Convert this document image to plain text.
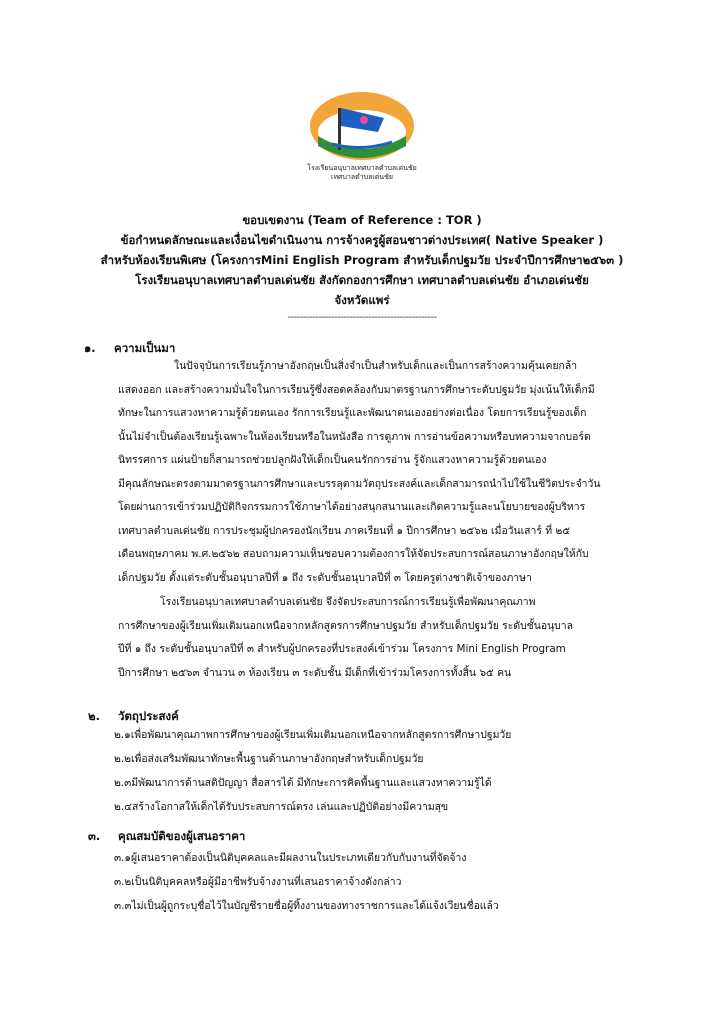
โรงเรียนอนุบาลเทศบาลตำบลเด่นชัย
เทศบาลตำบลเด่นชัย
ขอบเขตงาน (Team of Reference : TOR )
ข้อกำหนดลักษณะและเงื่อนไขดำเนินงาน การจ้างครูผู้สอนชาวต่างประเทศ( Native Speaker )
สำหรับห้องเรียนพิเศษ (โครงการMini English Program สำหรับเด็กปฐมวัย ประจำปีการศึกษา๒๕๖๓ )
โรงเรียนอนุบาลเทศบาลตำบลเด่นชัย สังกัดกองการศึกษา เทศบาลตำบลเด่นชัย อำเภอเด่นชัย
จังหวัดแพร่
------------------------------------------------
๑. ความเป็นมา
ในปัจจุบันการเรียนรู้ภาษาอังกฤษเป็นสิ่งจำเป็นสำหรับเด็กและเป็นการสร้างความคุ้นเคยกล้า
แสดงออก และสร้างความมั่นใจในการเรียนรู้ซึ่งสอดคล้องกับมาตรฐานการศึกษาระดับปฐมวัย มุ่งเน้นให้เด็กมี
ทักษะในการแสวงหาความรู้ด้วยตนเอง รักการเรียนรู้และพัฒนาตนเองอย่างต่อเนื่อง โดยการเรียนรู้ของเด็ก
นั้นไม่จำเป็นต้องเรียนรู้เฉพาะในห้องเรียนหรือในหนังสือ การดูภาพ การอ่านข้อความหรือบทความจากบอร์ด
นิทรรศการ แผ่นป้ายก็สามารถช่วยปลูกฝังให้เด็กเป็นคนรักการอ่าน รู้จักแสวงหาความรู้ด้วยตนเอง
มีคุณลักษณะตรงตามมาตรฐานการศึกษาและบรรลุตามวัตถุประสงค์และเด็กสามารถนำไปใช้ในชีวิตประจำวัน
โดยผ่านการเข้าร่วมปฏิบัติกิจกรรมการใช้ภาษาได้อย่างสนุกสนานและเกิดความรู้และนโยบายของผู้บริหาร
เทศบาลตำบลเด่นชัย การประชุมผู้ปกครองนักเรียน ภาคเรียนที่ ๑ ปีการศึกษา ๒๕๖๒ เมื่อวันเสาร์ ที่ ๒๕
เดือนพฤษภาคม พ.ศ.๒๕๖๒ สอบถามความเห็นชอบความต้องการให้จัดประสบการณ์สอนภาษาอังกฤษให้กับ
เด็กปฐมวัย ตั้งแต่ระดับชั้นอนุบาลปีที่ ๑ ถึง ระดับชั้นอนุบาลปีที่ ๓ โดยครูต่างชาติเจ้าของภาษา
โรงเรียนอนุบาลเทศบาลตำบลเด่นชัย จึงจัดประสบการณ์การเรียนรู้เพื่อพัฒนาคุณภาพ
การศึกษาของผู้เรียนเพิ่มเติมนอกเหนือจากหลักสูตรการศึกษาปฐมวัย สำหรับเด็กปฐมวัย ระดับชั้นอนุบาล
ปีที่ ๑ ถึง ระดับชั้นอนุบาลปีที่ ๓ สำหรับผู้ปกครองที่ประสงค์เข้าร่วม โครงการ Mini English Program
ปีการศึกษา ๒๕๖๓ จำนวน ๓ ห้องเรียน ๓ ระดับชั้น มีเด็กที่เข้าร่วมโครงการทั้งสิ้น ๖๕ คน
๒. วัตถุประสงค์
๒.๑เพื่อพัฒนาคุณภาพการศึกษาของผู้เรียนเพิ่มเติมนอกเหนือจากหลักสูตรการศึกษาปฐมวัย
๒.๒เพื่อส่งเสริมพัฒนาทักษะพื้นฐานด้านภาษาอังกฤษสำหรับเด็กปฐมวัย
๒.๓มีพัฒนาการด้านสติปัญญา สื่อสารได้ มีทักษะการคิดพื้นฐานและแสวงหาความรู้ได้
๒.๔สร้างโอกาสให้เด็กได้รับประสบการณ์ตรง เล่นและปฏิบัติอย่างมีความสุข
๓. คุณสมบัติของผู้เสนอราคา
๓.๑ผู้เสนอราคาต้องเป็นนิติบุคคลและมีผลงานในประเภทเดียวกับกับงานที่จัดจ้าง
๓.๒เป็นนิติบุคคลหรือผู้มีอาชีพรับจ้างงานที่เสนอราคาจ้างดังกล่าว
๓.๓ไม่เป็นผู้ถูกระบุชื่อไว้ในบัญชีรายชื่อผู้ทิ้งงานของทางราชการและได้แจ้งเวียนชื่อแล้ว
